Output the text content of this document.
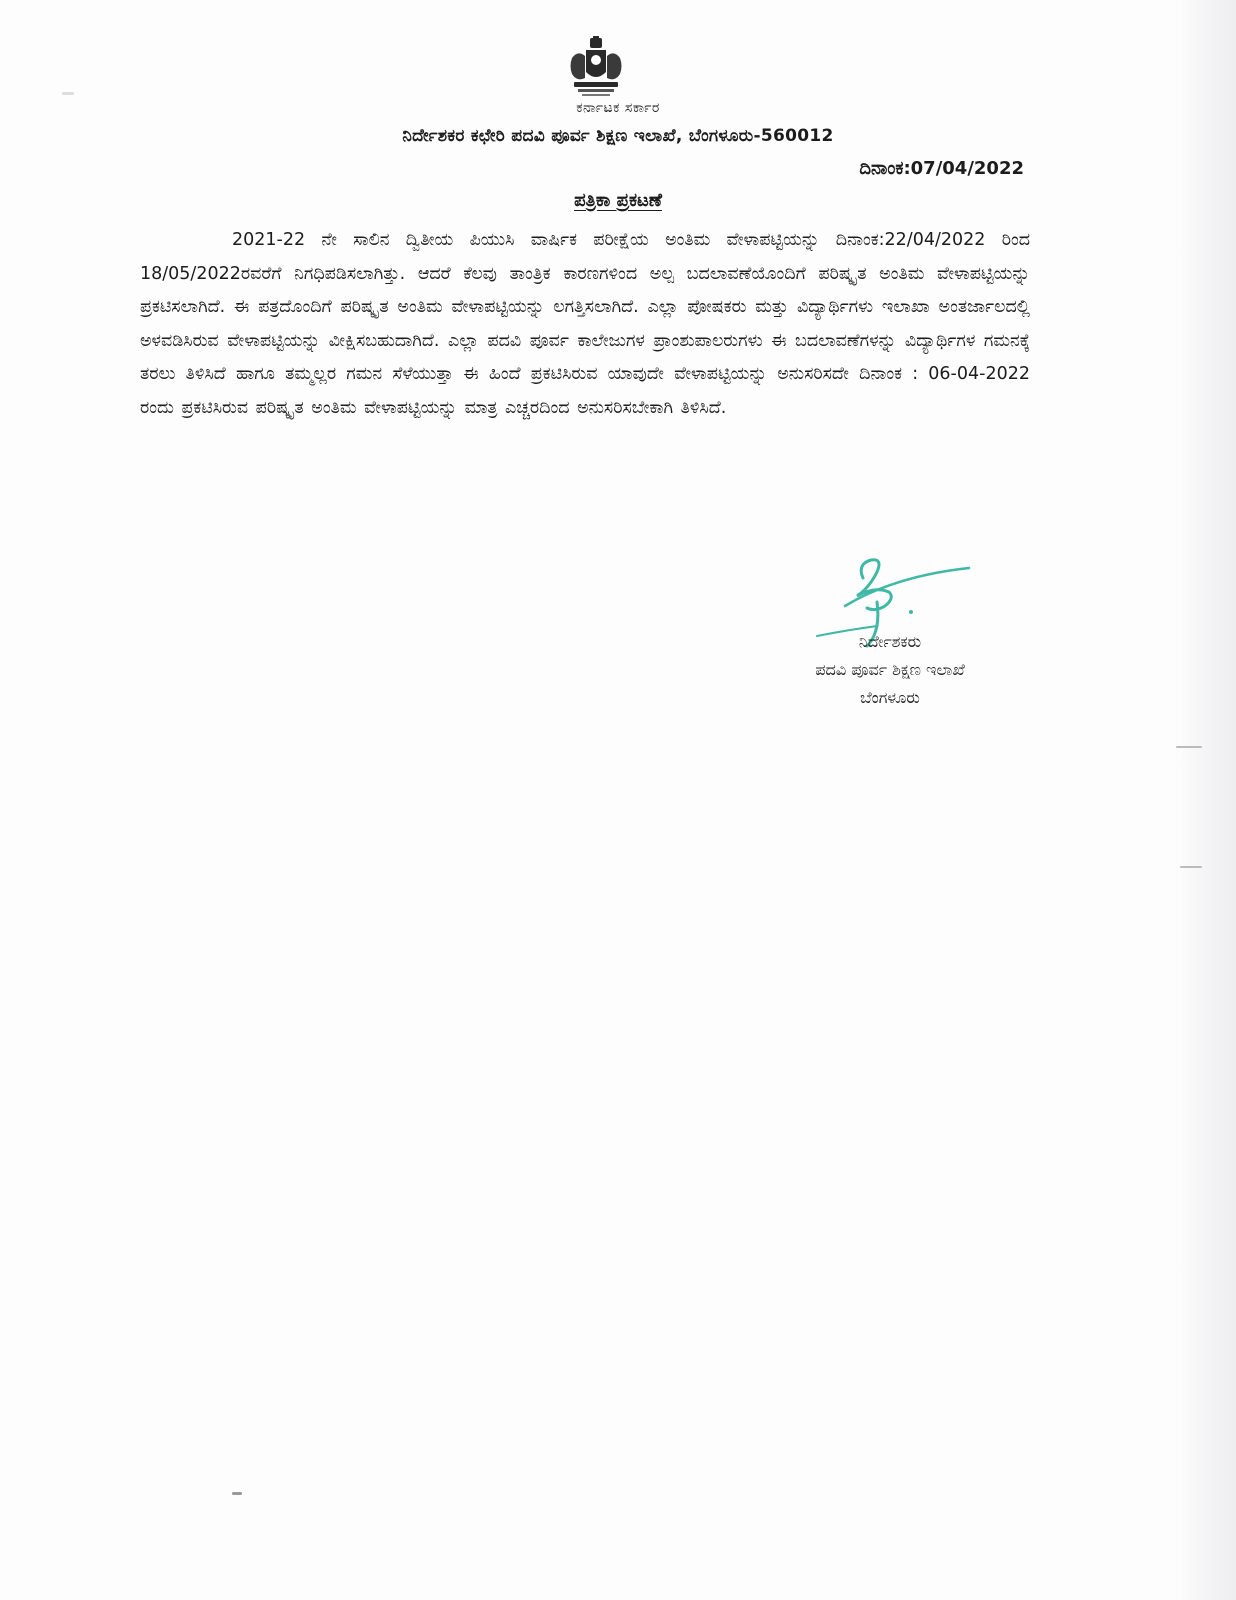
ಕರ್ನಾಟಕ ಸರ್ಕಾರ
ನಿರ್ದೇಶಕರ ಕಛೇರಿ ಪದವಿ ಪೂರ್ವ ಶಿಕ್ಷಣ ಇಲಾಖೆ, ಬೆಂಗಳೂರು-560012
ದಿನಾಂಕ:07/04/2022
ಪತ್ರಿಕಾ ಪ್ರಕಟಣೆ

2021-22 ನೇ ಸಾಲಿನ ದ್ವಿತೀಯ ಪಿಯುಸಿ ವಾರ್ಷಿಕ ಪರೀಕ್ಷೆಯ ಅಂತಿಮ ವೇಳಾಪಟ್ಟಿಯನ್ನು ದಿನಾಂಕ:22/04/2022 ರಿಂದ 18/05/2022ರವರೆಗೆ ನಿಗಧಿಪಡಿಸಲಾಗಿತ್ತು. ಆದರೆ ಕೆಲವು ತಾಂತ್ರಿಕ ಕಾರಣಗಳಿಂದ ಅಲ್ಪ ಬದಲಾವಣೆಯೊಂದಿಗೆ ಪರಿಷ್ಕೃತ ಅಂತಿಮ ವೇಳಾಪಟ್ಟಿಯನ್ನು ಪ್ರಕಟಿಸಲಾಗಿದೆ. ಈ ಪತ್ರದೊಂದಿಗೆ ಪರಿಷ್ಕೃತ ಅಂತಿಮ ವೇಳಾಪಟ್ಟಿಯನ್ನು ಲಗತ್ತಿಸಲಾಗಿದೆ. ಎಲ್ಲಾ ಪೋಷಕರು ಮತ್ತು ವಿದ್ಯಾರ್ಥಿಗಳು ಇಲಾಖಾ ಅಂತರ್ಜಾಲದಲ್ಲಿ ಅಳವಡಿಸಿರುವ ವೇಳಾಪಟ್ಟಿಯನ್ನು ವೀಕ್ಷಿಸಬಹುದಾಗಿದೆ. ಎಲ್ಲಾ ಪದವಿ ಪೂರ್ವ ಕಾಲೇಜುಗಳ ಪ್ರಾಂಶುಪಾಲರುಗಳು ಈ ಬದಲಾವಣೆಗಳನ್ನು ವಿದ್ಯಾರ್ಥಿಗಳ ಗಮನಕ್ಕೆ ತರಲು ತಿಳಿಸಿದೆ ಹಾಗೂ ತಮ್ಮಲ್ಲರ ಗಮನ ಸೆಳೆಯುತ್ತಾ ಈ ಹಿಂದೆ ಪ್ರಕಟಿಸಿರುವ ಯಾವುದೇ ವೇಳಾಪಟ್ಟಿಯನ್ನು ಅನುಸರಿಸದೇ ದಿನಾಂಕ : 06-04-2022 ರಂದು ಪ್ರಕಟಿಸಿರುವ ಪರಿಷ್ಕೃತ ಅಂತಿಮ ವೇಳಾಪಟ್ಟಿಯನ್ನು ಮಾತ್ರ ಎಚ್ಚರದಿಂದ ಅನುಸರಿಸಬೇಕಾಗಿ ತಿಳಿಸಿದೆ.

ನಿರ್ದೇಶಕರು
ಪದವಿ ಪೂರ್ವ ಶಿಕ್ಷಣ ಇಲಾಖೆ
ಬೆಂಗಳೂರು
